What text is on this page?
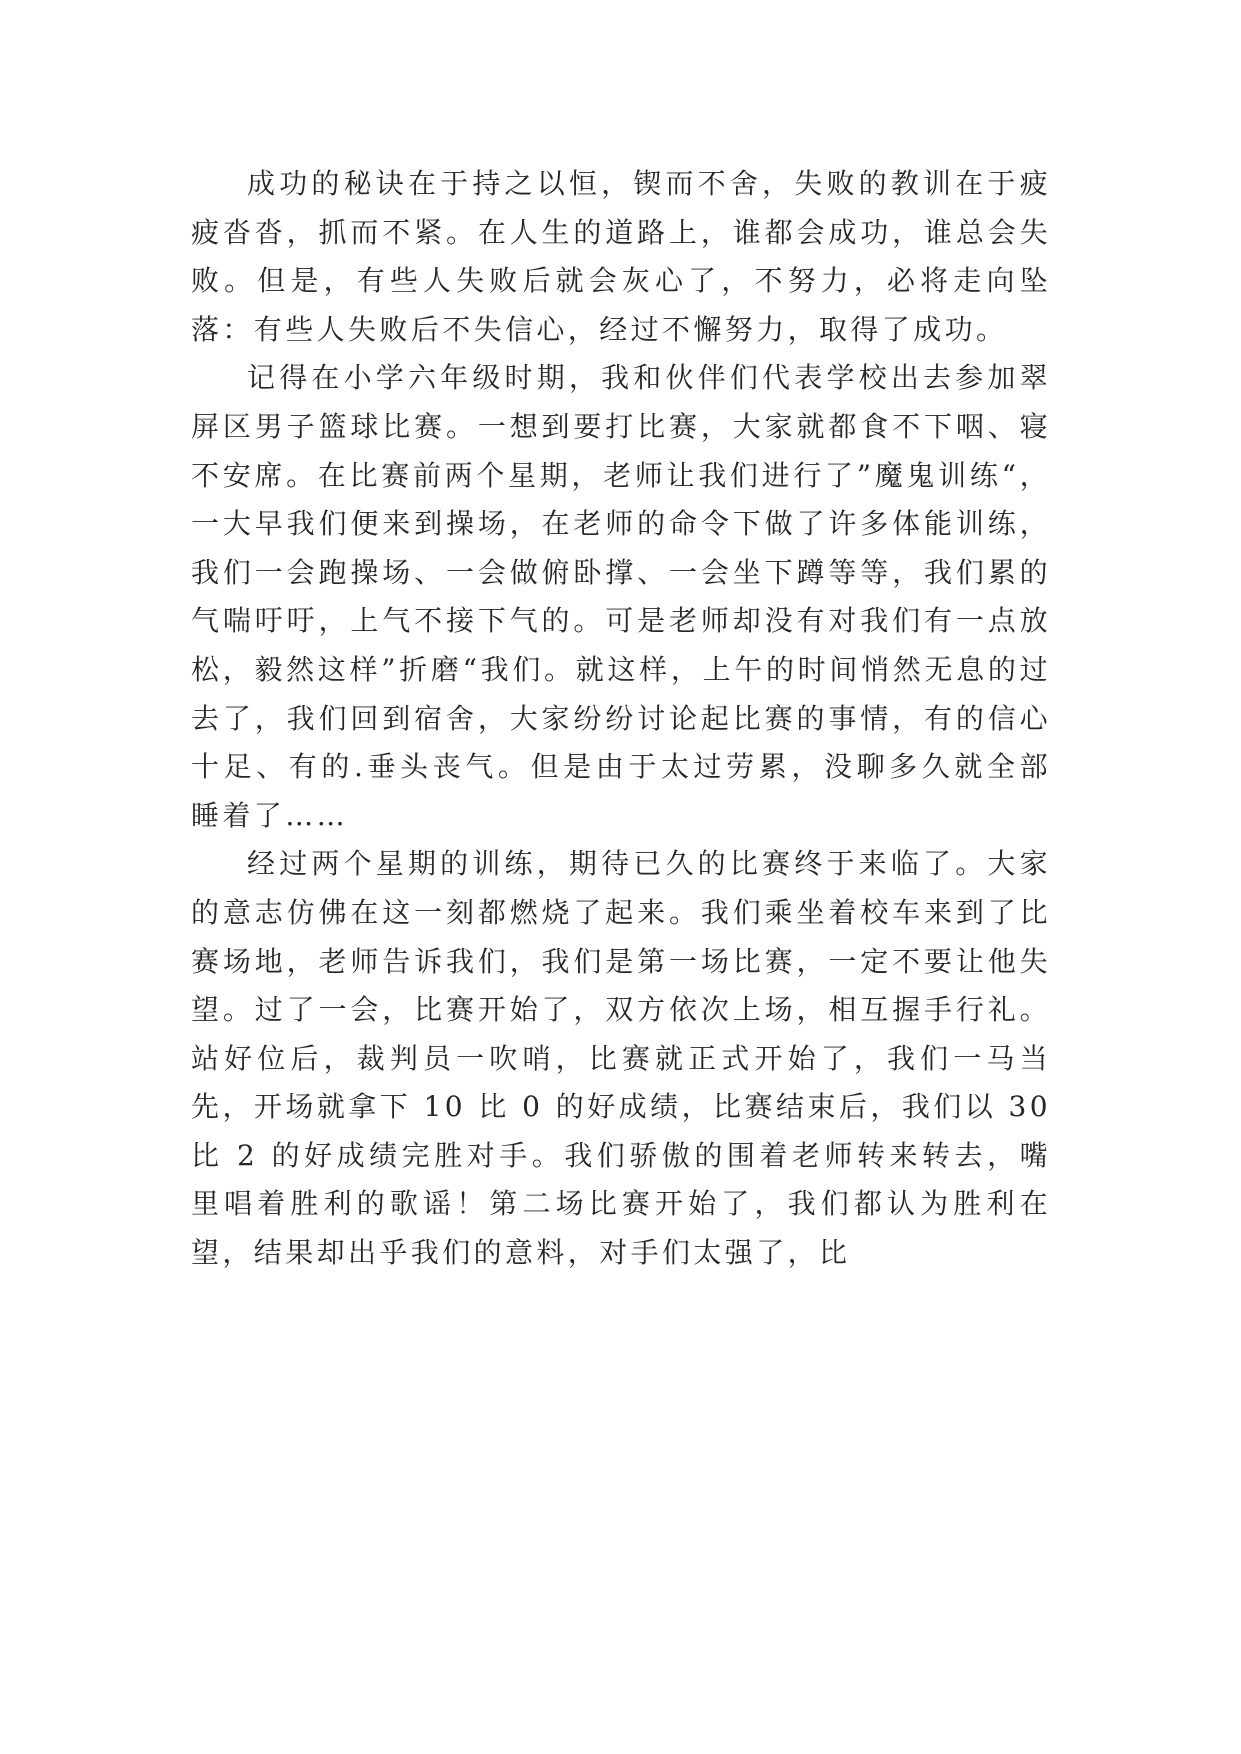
成功的秘诀在于持之以恒，锲而不舍，失败的教训在于疲疲沓沓，抓而不紧。在人生的道路上，谁都会成功，谁总会失败。但是，有些人失败后就会灰心了，不努力，必将走向坠落：有些人失败后不失信心，经过不懈努力，取得了成功。

记得在小学六年级时期，我和伙伴们代表学校出去参加翠屏区男子篮球比赛。一想到要打比赛，大家就都食不下咽、寝不安席。在比赛前两个星期，老师让我们进行了”魔鬼训练“，一大早我们便来到操场，在老师的命令下做了许多体能训练，我们一会跑操场、一会做俯卧撑、一会坐下蹲等等，我们累的气喘吁吁，上气不接下气的。可是老师却没有对我们有一点放松，毅然这样”折磨“我们。就这样，上午的时间悄然无息的过去了，我们回到宿舍，大家纷纷讨论起比赛的事情，有的信心十足、有的.垂头丧气。但是由于太过劳累，没聊多久就全部睡着了……

经过两个星期的训练，期待已久的比赛终于来临了。大家的意志仿佛在这一刻都燃烧了起来。我们乘坐着校车来到了比赛场地，老师告诉我们，我们是第一场比赛，一定不要让他失望。过了一会，比赛开始了，双方依次上场，相互握手行礼。站好位后，裁判员一吹哨，比赛就正式开始了，我们一马当先，开场就拿下 10 比 0 的好成绩，比赛结束后，我们以 30 比 2 的好成绩完胜对手。我们骄傲的围着老师转来转去，嘴里唱着胜利的歌谣！第二场比赛开始了，我们都认为胜利在望，结果却出乎我们的意料，对手们太强了，比
